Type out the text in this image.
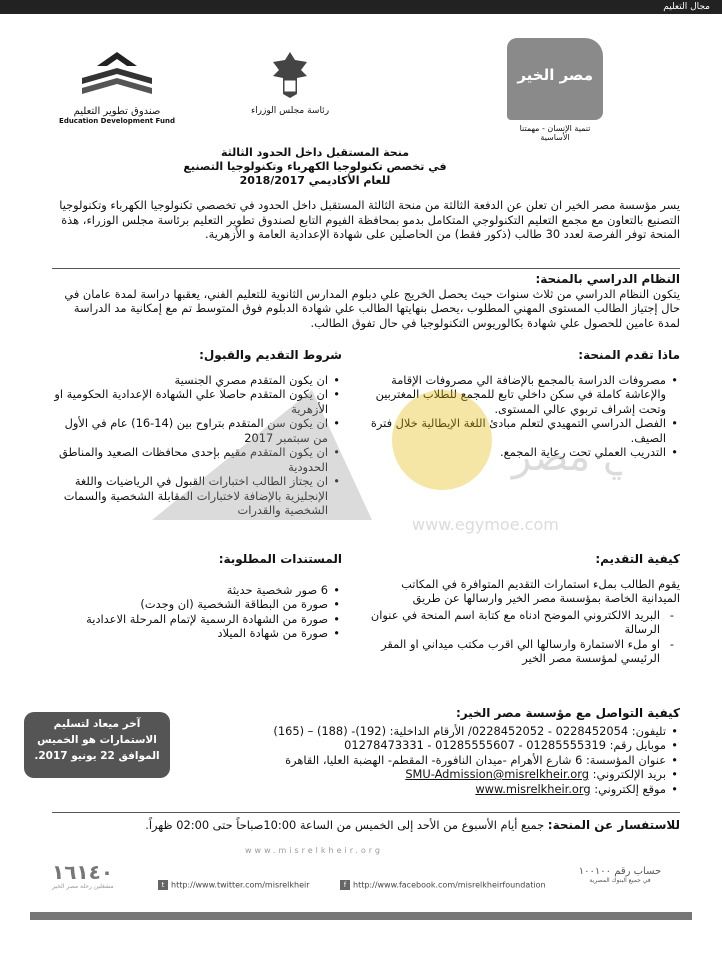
مجال التعليم
مصر الخير
تنمية الإنسان - مهمتنا الأساسية
رئاسة مجلس الوزراء
صندوق تطوير التعليم
Education Development Fund
منحة المستقبل داخل الحدود الثالثة
في تخصص تكنولوجيا الكهرباء وتكنولوجيا التصنيع
للعام الأكاديمي 2018/2017
يسر مؤسسة مصر الخير ان تعلن عن الدفعة الثالثة من منحة الثالثة المستقبل داخل الحدود في تخصصي تكنولوجيا الكهرباء وتكنولوجيا التصنيع بالتعاون مع مجمع التعليم التكنولوجي المتكامل بدمو بمحافظة الفيوم التابع لصندوق تطوير التعليم برئاسة مجلس الوزراء، هذة المنحة توفر الفرصة لعدد 30 طالب (ذكور فقط) من الحاصلين على شهادة الإعدادية العامة و الأزهرية.
النظام الدراسي بالمنحة:
يتكون النظام الدراسي من ثلاث سنوات حيث يحصل الخريج علي دبلوم المدارس الثانوية للتعليم الفني، يعقبها دراسة لمدة عامان في حال إجتياز الطالب المستوى المهني المطلوب ،يحصل بنهايتها الطالب علي شهادة الدبلوم فوق المتوسط تم مع إمكانية مد الدراسة لمدة عامين للحصول علي شهادة بكالوريوس التكنولوجيا في حال تفوق الطالب.
ماذا تقدم المنحة:
• مصروفات الدراسة بالمجمع بالإضافة الي مصروفات الإقامة والإعاشة كاملة في سكن داخلي تابع للمجمع للطلاب المغتربين وتحت إشراف تربوي عالي المستوى.
• الفصل الدراسي التمهيدي لتعلم مبادئ اللغة الإيطالية خلال فترة الصيف.
• التدريب العملي تحت رعاية المجمع.
شروط التقديم والقبول:
• ان يكون المتقدم مصري الجنسية
• ان يكون المتقدم حاصلا علي الشهادة الإعدادية الحكومية او الأزهرية
• ان يكون سن المتقدم بتراوح بين (14-16) عام في الأول من سبتمبر 2017
• ان يكون المتقدم مقيم بإحدى محافظات الصعيد والمناطق الحدودية
• ان يجتاز الطالب اختبارات القبول في الرياضيات واللغة الإنجليزية بالإضافة لاختبارات المقابلة الشخصية والسمات الشخصية والقدرات
ي مصر
www.egymoe.com
كيفية التقديم:
يقوم الطالب بملء استمارات التقديم المتوافرة في المكاتب الميدانية الخاصة بمؤسسة مصر الخير وارسالها عن طريق
- البريد الالكتروني الموضح ادناه مع كتابة اسم المنحة في عنوان الرسالة
- او ملء الاستمارة وارسالها الي اقرب مكتب ميداني او المقر الرئيسي لمؤسسة مصر الخير
المستندات المطلوبة:
• 6 صور شخصية حديثة
• صورة من البطاقة الشخصية (ان وجدت)
• صورة من الشهادة الرسمية لإتمام المرحلة الاعدادية
• صورة من شهادة الميلاد
كيفية التواصل مع مؤسسة مصر الخير:
• تليفون: 0228452054 - 0228452052/ الأرقام الداخلية: (192)- (188) – (165)
• موبايل رقم: 01285555319 - 01285555607 - 01278473331
• عنوان المؤسسة: 6 شارع الأهرام -ميدان النافورة- المقطم- الهضبة العليا، القاهرة
• بريد الإلكتروني: SMU-Admission@misrelkheir.org
• موقع إلكتروني: www.misrelkheir.org
آخر ميعاد لتسليم
الاستمارات هو الخميس
الموافق 22 يونيو 2017.
للاستفسار عن المنحة: جميع أيام الأسبوع من الأحد إلى الخميس من الساعة 10:00صباحاً حتى 02:00 ظهراً.
www.misrelkheir.org
١٦١٤٠
مشغلين رحلة مصر الخير	t http://www.twitter.com/misrelkheir	f http://www.facebook.com/misrelkheirfoundation
حساب رقم ١٠٠١٠٠
في جميع البنوك المصرية
